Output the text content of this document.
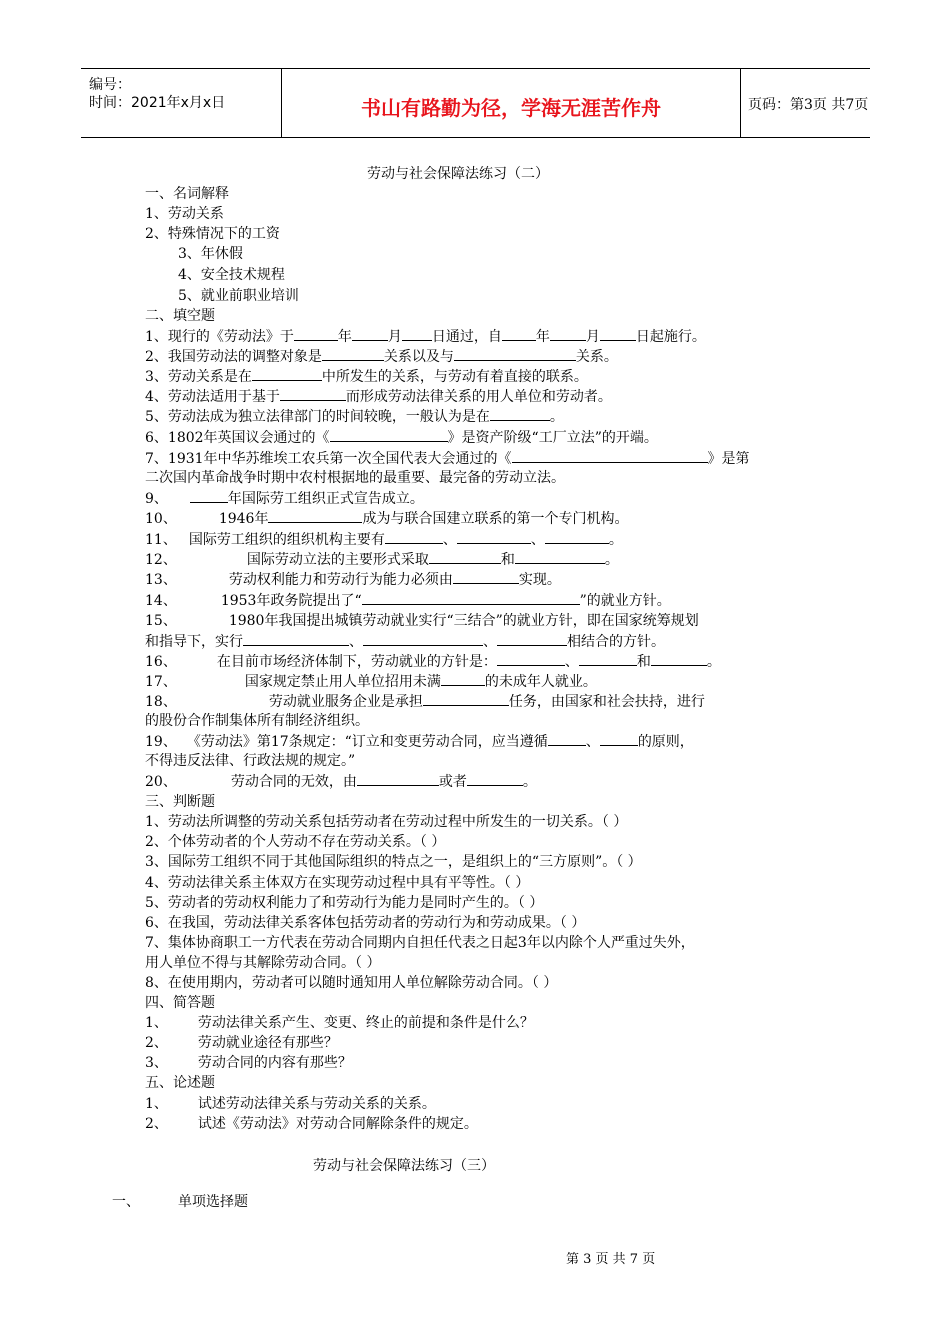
编号：
时间：2021年x月x日	书山有路勤为径，学海无涯苦作舟	页码：第3页 共7页
劳动与社会保障法练习（二）
一、名词解释
1、劳动关系
2、特殊情况下的工资
3、年休假
4、安全技术规程
5、就业前职业培训
二、填空题
1、现行的《劳动法》于	年	月 日通过，自 年	月	日起施行。
2、我国劳动法的调整对象是	关系以及与	关系。
3、劳动关系是在	中所发生的关系，与劳动有着直接的联系。
4、劳动法适用于基于	而形成劳动法律关系的用人单位和劳动者。
5、劳动法成为独立法律部门的时间较晚，一般认为是在	。
6、1802年英国议会通过的《	》是资产阶级“工厂立法”的开端。
7、1931年中华苏维埃工农兵第一次全国代表大会通过的《	》是第
二次国内革命战争时期中农村根据地的最重要、最完备的劳动立法。
9、	年国际劳工组织正式宣告成立。
10、	1946年	成为与联合国建立联系的第一个专门机构。
11、 国际劳工组织的组织机构主要有	、	、	。
12、	国际劳动立法的主要形式采取	和	。
13、	劳动权利能力和劳动行为能力必须由	实现。
14、	1953年政务院提出了“	”的就业方针。
15、	1980年我国提出城镇劳动就业实行“三结合”的就业方针，即在国家统筹规划
和指导下，实行	、	、	相结合的方针。
16、	在目前市场经济体制下，劳动就业的方针是：	、	和	。
17、	国家规定禁止用人单位招用未满	的未成年人就业。
18、	劳动就业服务企业是承担	任务，由国家和社会扶持，进行
的股份合作制集体所有制经济组织。
19、 《劳动法》第17条规定：“订立和变更劳动合同，应当遵循	、	的原则，
不得违反法律、行政法规的规定。”
20、	劳动合同的无效，由	或者	。
三、判断题
1、劳动法所调整的劳动关系包括劳动者在劳动过程中所发生的一切关系。（ ）
2、个体劳动者的个人劳动不存在劳动关系。（ ）
3、国际劳工组织不同于其他国际组织的特点之一，是组织上的“三方原则”。（ ）
4、劳动法律关系主体双方在实现劳动过程中具有平等性。（ ）
5、劳动者的劳动权利能力了和劳动行为能力是同时产生的。（ ）
6、在我国，劳动法律关系客体包括劳动者的劳动行为和劳动成果。（ ）
7、集体协商职工一方代表在劳动合同期内自担任代表之日起3年以内除个人严重过失外，
用人单位不得与其解除劳动合同。（ ）
8、在使用期内，劳动者可以随时通知用人单位解除劳动合同。（ ）
四、简答题
1、 劳动法律关系产生、变更、终止的前提和条件是什么？
2、 劳动就业途径有那些？
3、 劳动合同的内容有那些？
五、论述题
1、 试述劳动法律关系与劳动关系的关系。
2、 试述《劳动法》对劳动合同解除条件的规定。
劳动与社会保障法练习（三）
一、	单项选择题
第 3 页 共 7 页
